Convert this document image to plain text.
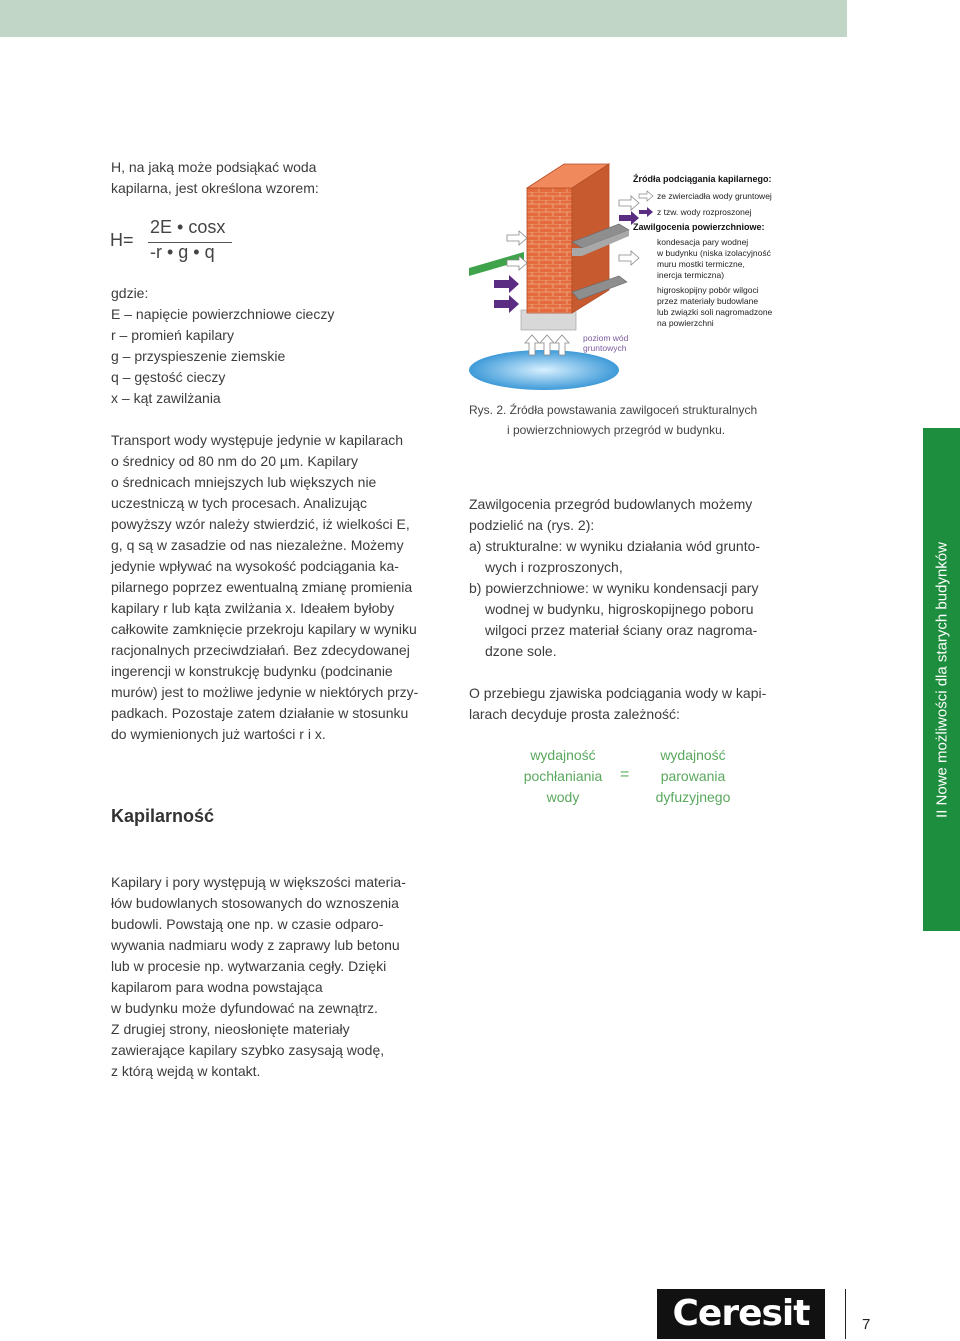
H, na jaką może podsiąkać woda
kapilarna, jest określona wzorem:
H=
2E • cosx
-r • g • q
gdzie:
E – napięcie powierzchniowe cieczy
r – promień kapilary
g – przyspieszenie ziemskie
q – gęstość cieczy
x – kąt zawilżania
Transport wody występuje jedynie w kapilarach
o średnicy od 80 nm do 20 µm. Kapilary
o średnicach mniejszych lub większych nie
uczestniczą w tych procesach. Analizując
powyższy wzór należy stwierdzić, iż wielkości E,
g, q są w zasadzie od nas niezależne. Możemy
jedynie wpływać na wysokość podciągania ka-
pilarnego poprzez ewentualną zmianę promienia
kapilary r lub kąta zwilżania x. Ideałem byłoby
całkowite zamknięcie przekroju kapilary w wyniku
racjonalnych przeciwdziałań. Bez zdecydowanej
ingerencji w konstrukcję budynku (podcinanie
murów) jest to możliwe jedynie w niektórych przy-
padkach. Pozostaje zatem działanie w stosunku
do wymienionych już wartości r i x.
Kapilarność
Kapilary i pory występują w większości materia-
łów budowlanych stosowanych do wznoszenia
budowli. Powstają one np. w czasie odparo-
wywania nadmiaru wody z zaprawy lub betonu
lub w procesie np. wytwarzania cegły. Dzięki
kapilarom para wodna powstająca
w budynku może dyfundować na zewnątrz.
Z drugiej strony, nieosłonięte materiały
zawierające kapilary szybko zasysają wodę,
z którą wejdą w kontakt.
Źródła podciągania kapilarnego:
ze zwierciadła wody gruntowej
z tzw. wody rozproszonej
Zawilgocenia powierzchniowe:
kondesacja pary wodnej
w budynku (niska izolacyjność
muru mostki termiczne,
inercja termiczna)
higroskopijny pobór wilgoci
przez materiały budowlane
lub związki soli nagromadzone
na powierzchni
poziom wód
gruntowych
Rys. 2. Źródła powstawania zawilgoceń strukturalnych
i powierzchniowych przegród w budynku.
Zawilgocenia przegród budowlanych możemy
podzielić na (rys. 2):
a) strukturalne: w wyniku działania wód grunto-
wych i rozproszonych,
b) powierzchniowe: w wyniku kondensacji pary
wodnej w budynku, higroskopijnego poboru
wilgoci przez materiał ściany oraz nagroma-
dzone sole.
O przebiegu zjawiska podciągania wody w kapi-
larach decyduje prosta zależność:
wydajność
pochłaniania
wody
=
wydajność
parowania
dyfuzyjnego	II Nowe możliwości dla starych budynków
Ceresit	7
